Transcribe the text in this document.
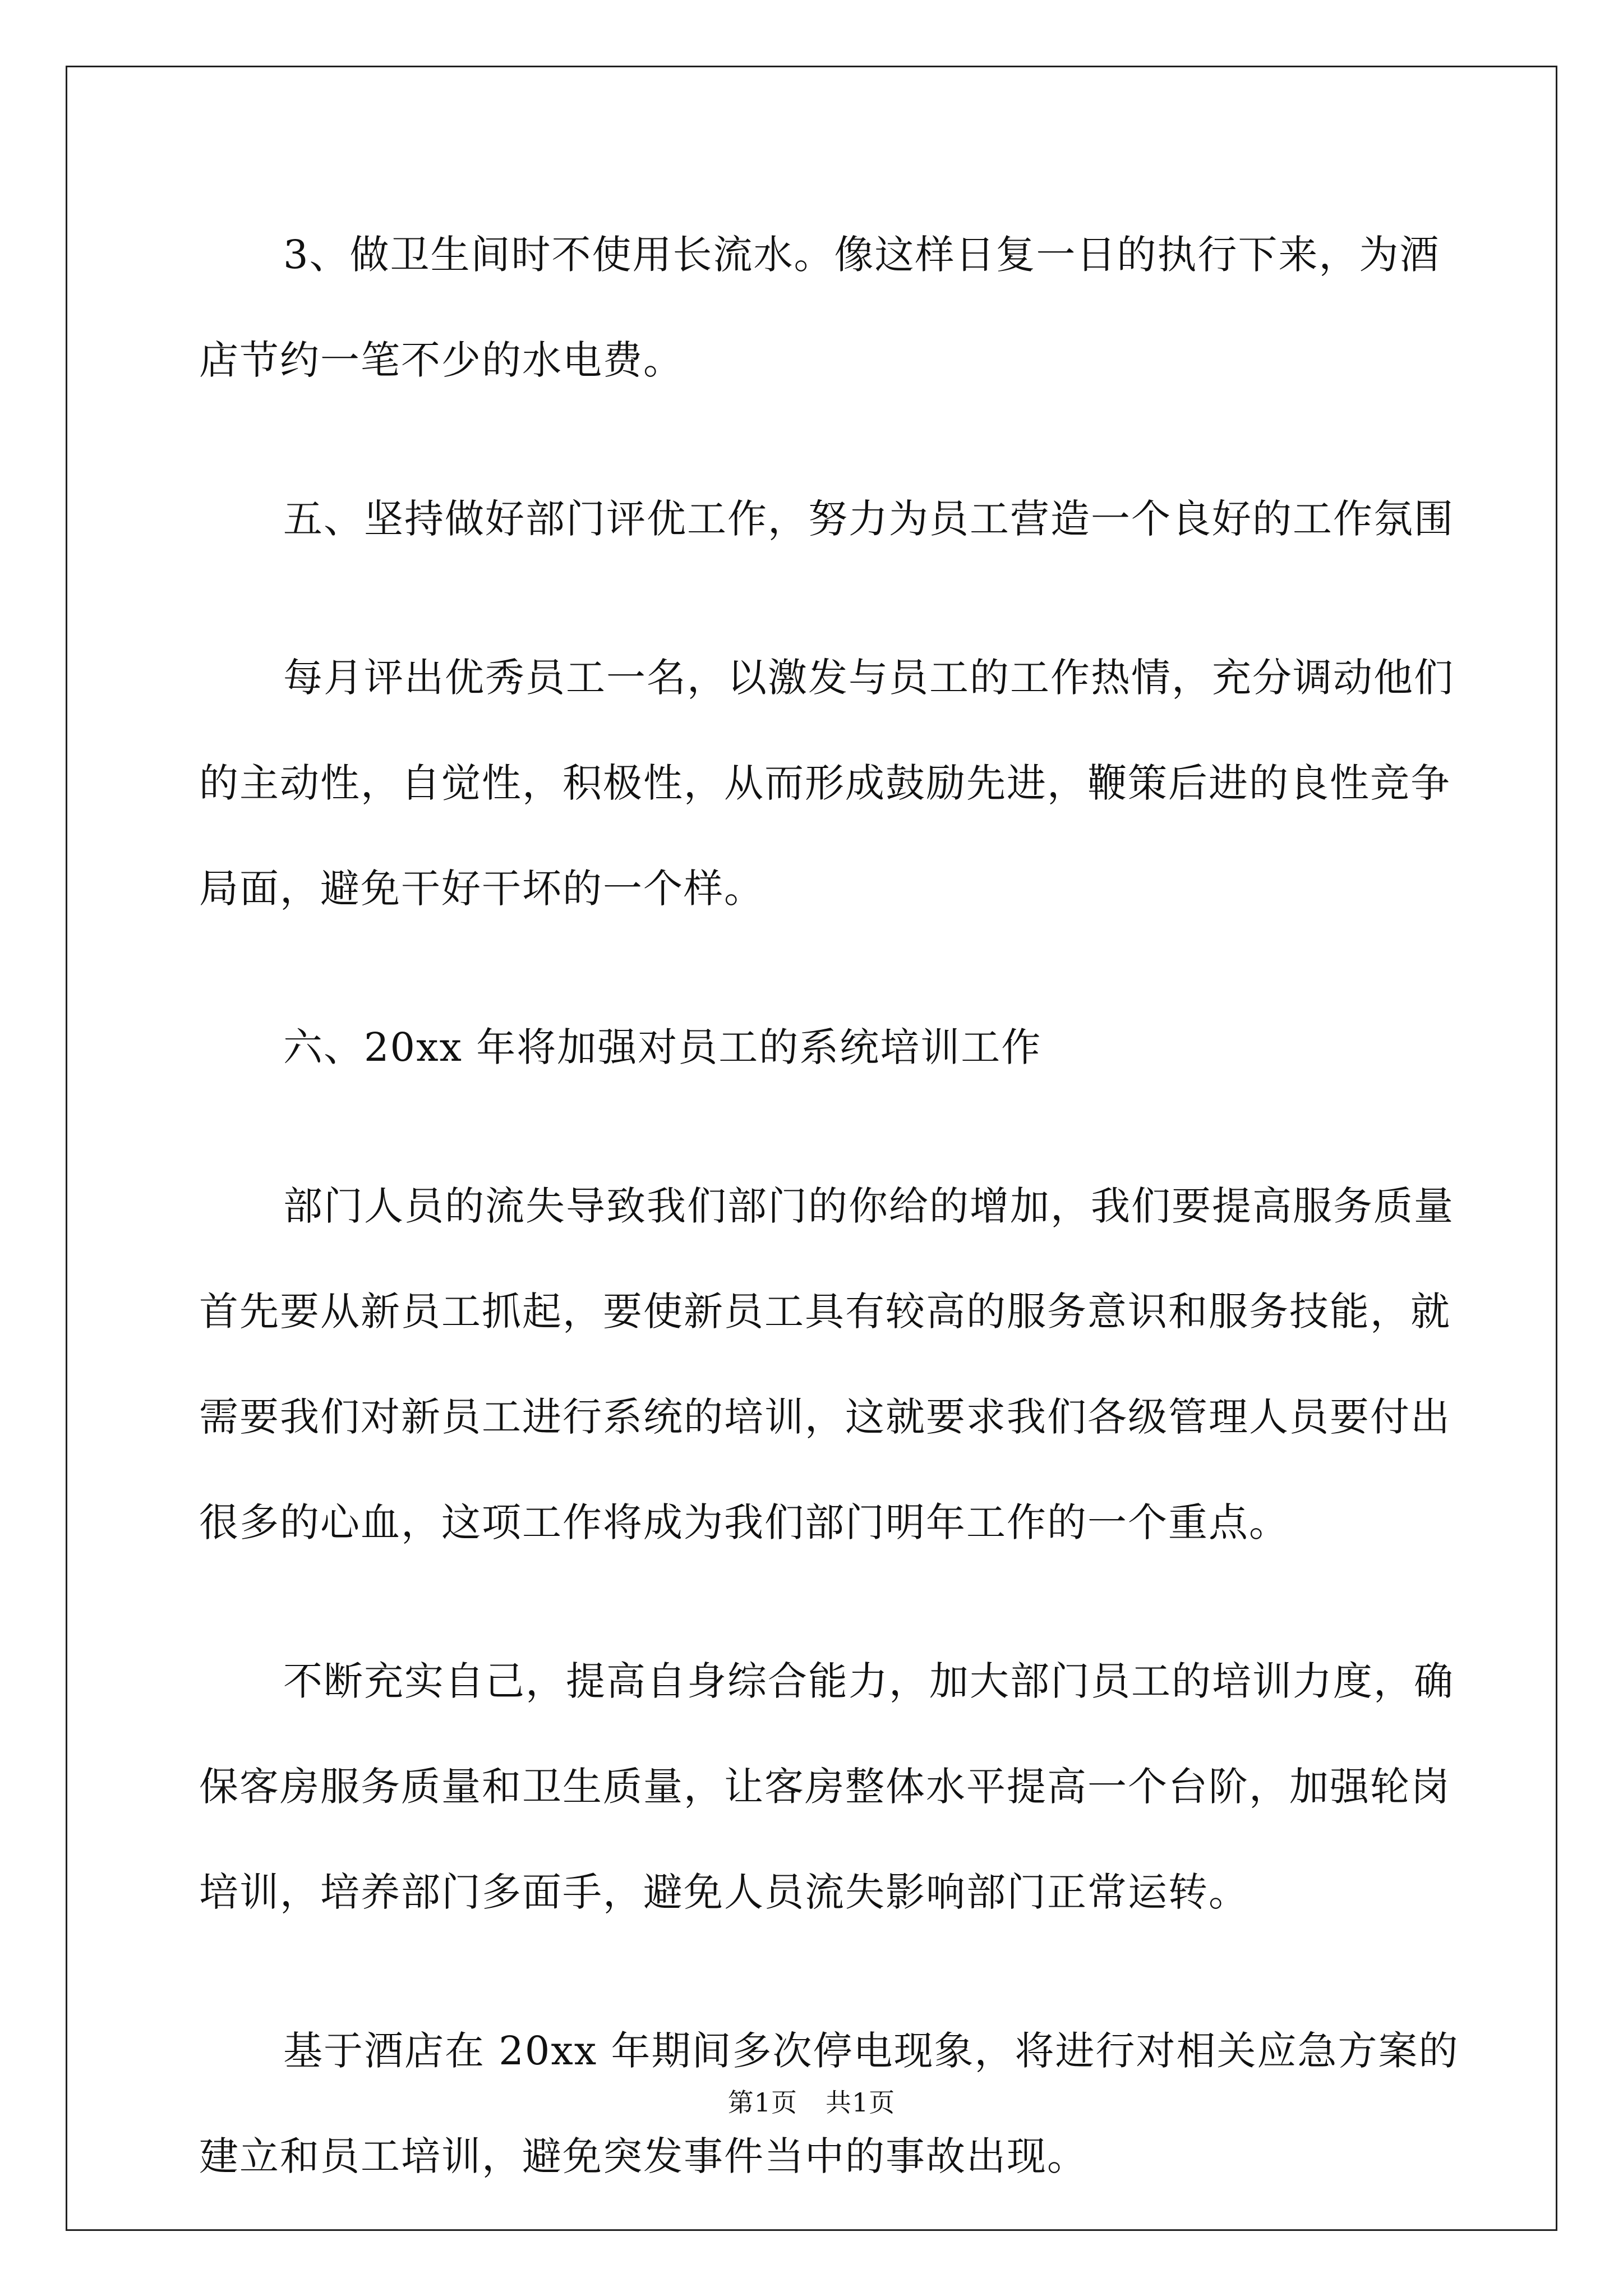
3、做卫生间时不使用长流水。像这样日复一日的执行下来，为酒店节约一笔不少的水电费。

五、坚持做好部门评优工作，努力为员工营造一个良好的工作氛围

每月评出优秀员工一名，以激发与员工的工作热情，充分调动他们的主动性，自觉性，积极性，从而形成鼓励先进，鞭策后进的良性竞争局面，避免干好干坏的一个样。

六、20xx 年将加强对员工的系统培训工作

部门人员的流失导致我们部门的你给的增加，我们要提高服务质量首先要从新员工抓起，要使新员工具有较高的服务意识和服务技能，就需要我们对新员工进行系统的培训，这就要求我们各级管理人员要付出很多的心血，这项工作将成为我们部门明年工作的一个重点。

不断充实自己，提高自身综合能力，加大部门员工的培训力度，确保客房服务质量和卫生质量，让客房整体水平提高一个台阶，加强轮岗培训，培养部门多面手，避免人员流失影响部门正常运转。

基于酒店在 20xx 年期间多次停电现象，将进行对相关应急方案的建立和员工培训，避免突发事件当中的事故出现。

第1页 共1页
